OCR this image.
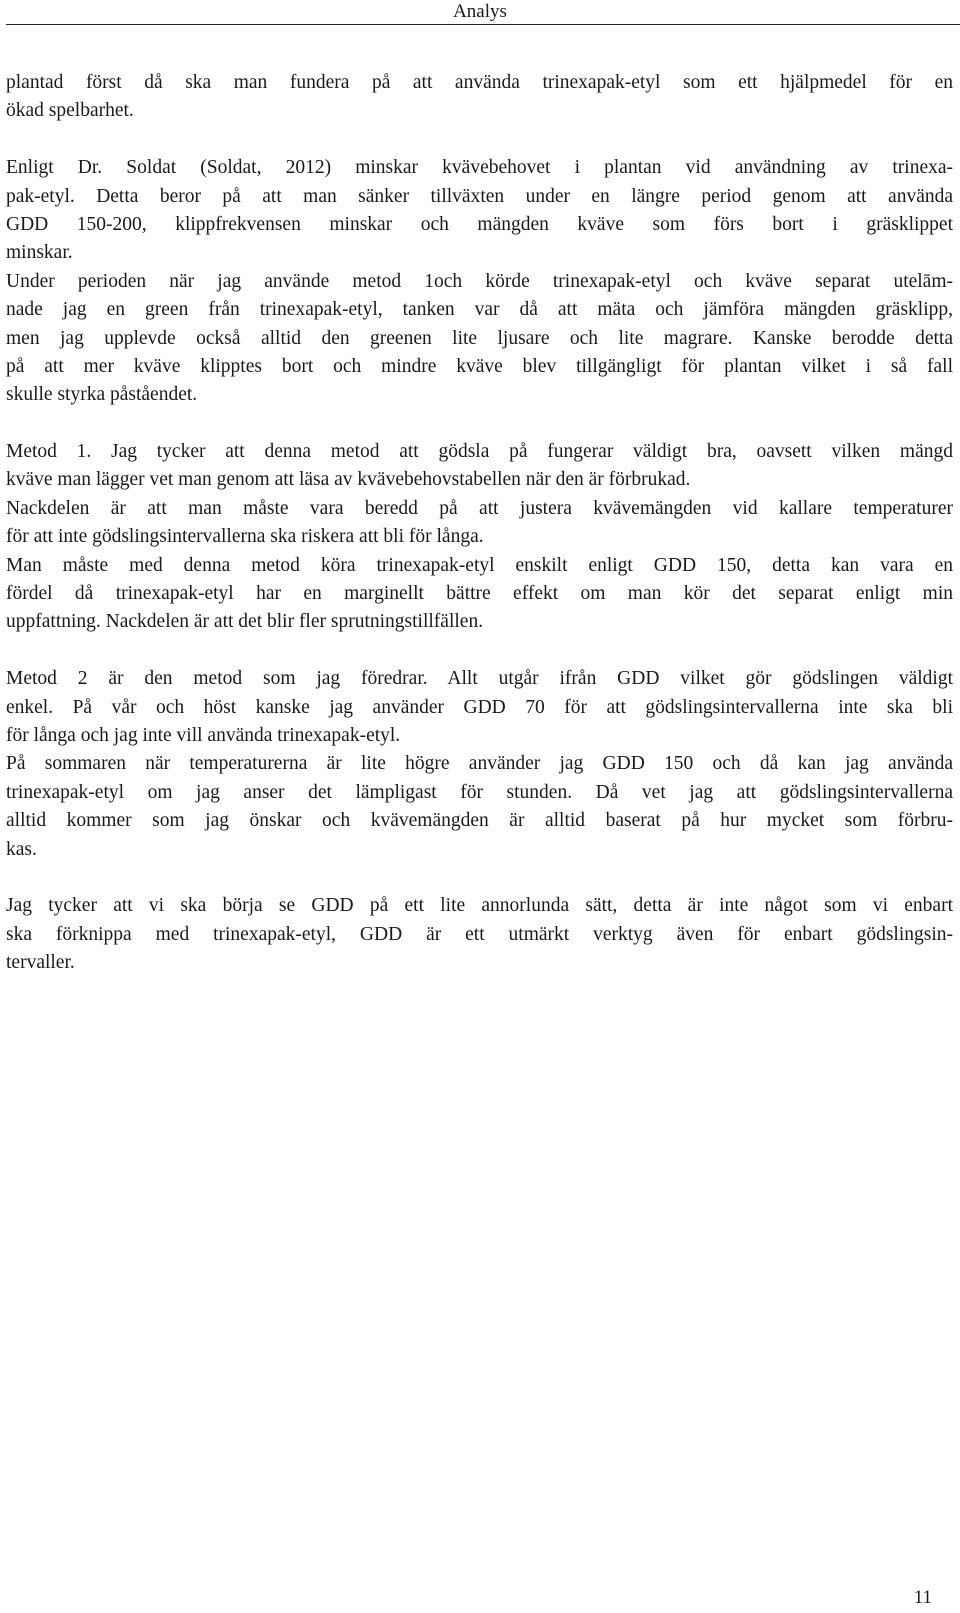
Analys
plantad först då ska man fundera på att använda trinexapak-etyl som ett hjälpmedel för en
ökad spelbarhet.
Enligt Dr. Soldat (Soldat, 2012) minskar kvävebehovet i plantan vid användning av trinexa-
pak-etyl. Detta beror på att man sänker tillväxten under en längre period genom att använda
GDD 150-200, klippfrekvensen minskar och mängden kväve som förs bort i gräsklippet
minskar.
Under perioden när jag använde metod 1och körde trinexapak-etyl och kväve separat utelām-
nade jag en green från trinexapak-etyl, tanken var då att mäta och jämföra mängden gräsklipp,
men jag upplevde också alltid den greenen lite ljusare och lite magrare. Kanske berodde detta
på att mer kväve klipptes bort och mindre kväve blev tillgängligt för plantan vilket i så fall
skulle styrka påståendet.
Metod 1. Jag tycker att denna metod att gödsla på fungerar väldigt bra, oavsett vilken mängd
kväve man lägger vet man genom att läsa av kvävebehovstabellen när den är förbrukad.
Nackdelen är att man måste vara beredd på att justera kvävemängden vid kallare temperaturer
för att inte gödslingsintervallerna ska riskera att bli för långa.
Man måste med denna metod köra trinexapak-etyl enskilt enligt GDD 150, detta kan vara en
fördel då trinexapak-etyl har en marginellt bättre effekt om man kör det separat enligt min
uppfattning. Nackdelen är att det blir fler sprutningstillfällen.
Metod 2 är den metod som jag föredrar. Allt utgår ifrån GDD vilket gör gödslingen väldigt
enkel. På vår och höst kanske jag använder GDD 70 för att gödslingsintervallerna inte ska bli
för långa och jag inte vill använda trinexapak-etyl.
På sommaren när temperaturerna är lite högre använder jag GDD 150 och då kan jag använda
trinexapak-etyl om jag anser det lämpligast för stunden. Då vet jag att gödslingsintervallerna
alltid kommer som jag önskar och kvävemängden är alltid baserat på hur mycket som förbru-
kas.
Jag tycker att vi ska börja se GDD på ett lite annorlunda sätt, detta är inte något som vi enbart
ska förknippa med trinexapak-etyl, GDD är ett utmärkt verktyg även för enbart gödslingsin-
tervaller.
11
